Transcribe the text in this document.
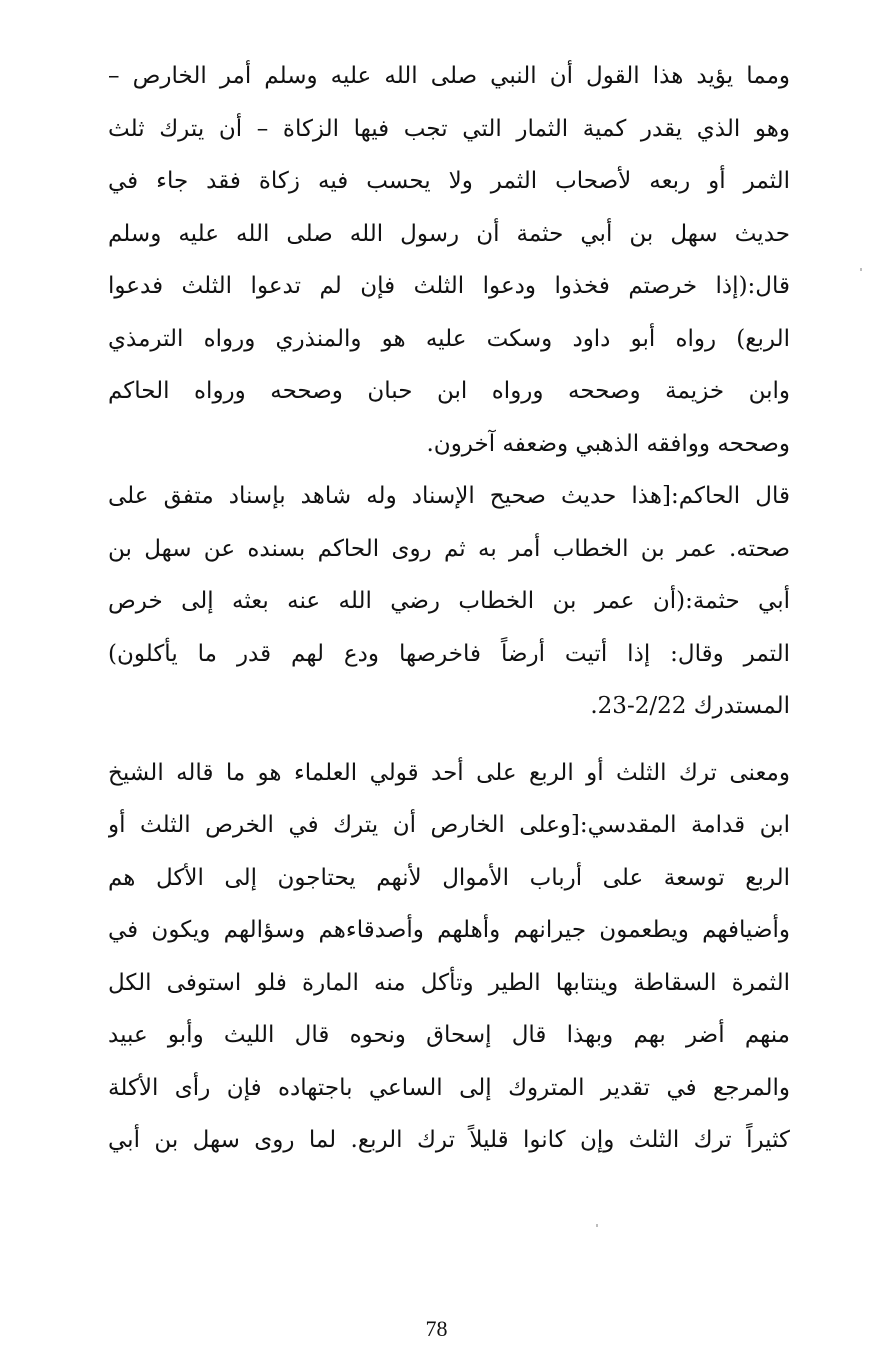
ومما يؤيد هذا القول أن النبي صلى الله عليه وسلم أمر الخارص –
وهو الذي يقدر كمية الثمار التي تجب فيها الزكاة – أن يترك ثلث
الثمر أو ربعه لأصحاب الثمر ولا يحسب فيه زكاة فقد جاء في
حديث سهل بن أبي حثمة أن رسول الله صلى الله عليه وسلم
قال:(إذا خرصتم فخذوا ودعوا الثلث فإن لم تدعوا الثلث فدعوا
الربع) رواه أبو داود وسكت عليه هو والمنذري ورواه الترمذي
وابن خزيمة وصححه ورواه ابن حبان وصححه ورواه الحاكم
وصححه ووافقه الذهبي وضعفه آخرون.
قال الحاكم:[هذا حديث صحيح الإسناد وله شاهد بإسناد متفق على
صحته. عمر بن الخطاب أمر به ثم روى الحاكم بسنده عن سهل بن
أبي حثمة:(أن عمر بن الخطاب رضي الله عنه بعثه إلى خرص
التمر وقال: إذا أتيت أرضاً فاخرصها ودع لهم قدر ما يأكلون)
المستدرك 2/22-23.
ومعنى ترك الثلث أو الربع على أحد قولي العلماء هو ما قاله الشيخ
ابن قدامة المقدسي:[وعلى الخارص أن يترك في الخرص الثلث أو
الربع توسعة على أرباب الأموال لأنهم يحتاجون إلى الأكل هم
وأضيافهم ويطعمون جيرانهم وأهلهم وأصدقاءهم وسؤالهم ويكون في
الثمرة السقاطة وينتابها الطير وتأكل منه المارة فلو استوفى الكل
منهم أضر بهم وبهذا قال إسحاق ونحوه قال الليث وأبو عبيد
والمرجع في تقدير المتروك إلى الساعي باجتهاده فإن رأى الأكلة
كثيراً ترك الثلث وإن كانوا قليلاً ترك الربع. لما روى سهل بن أبي
78
